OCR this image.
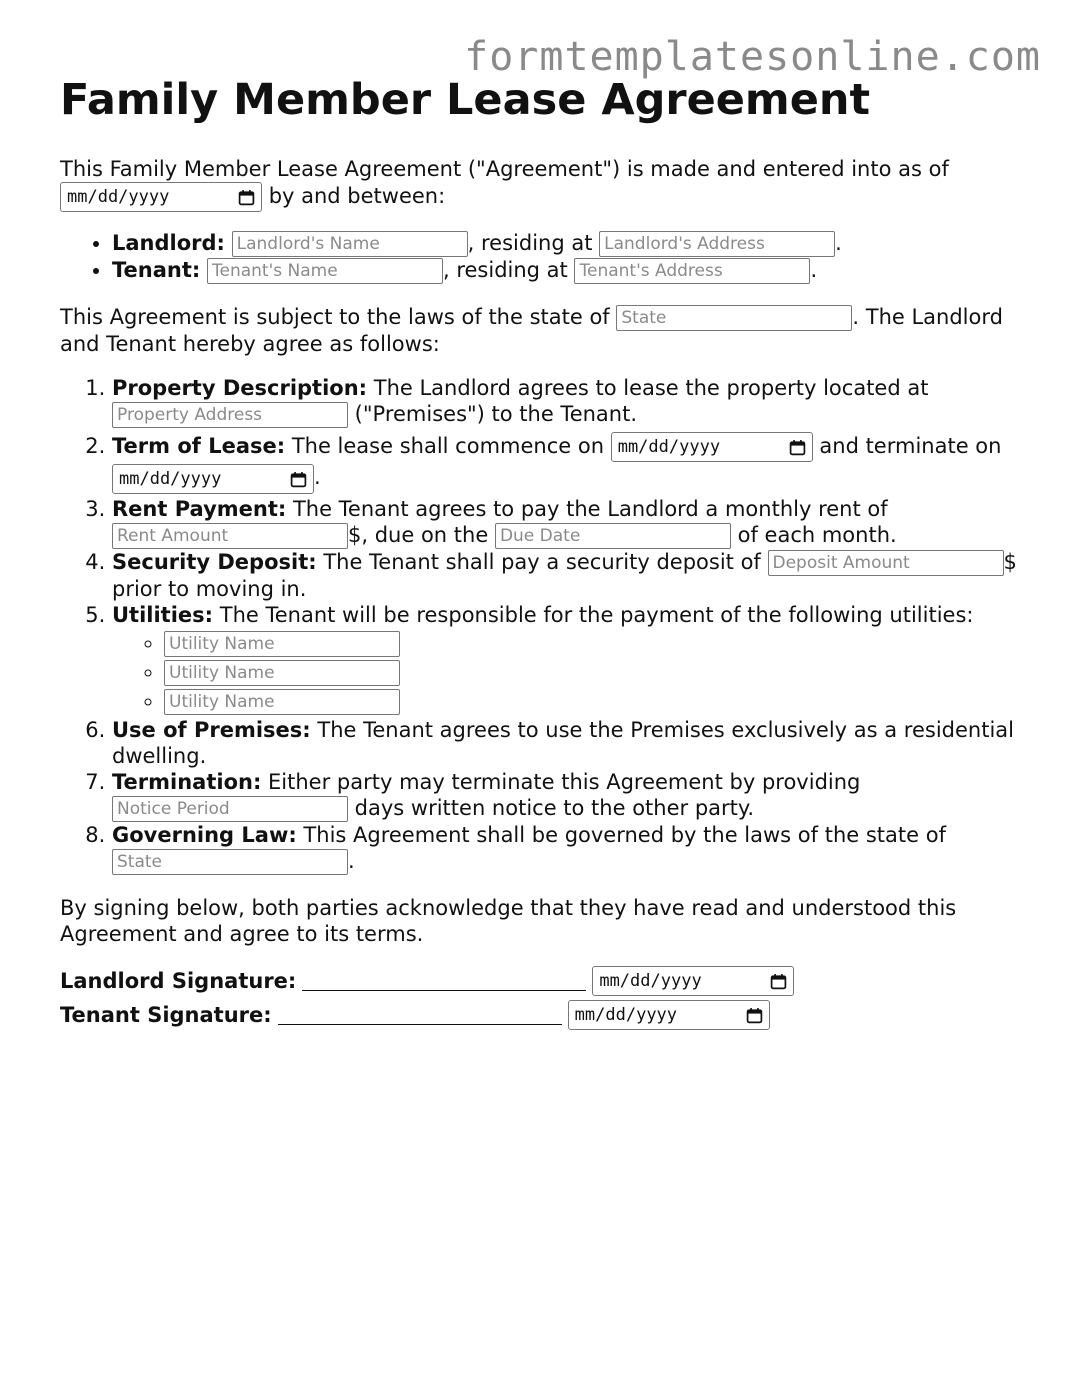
formtemplatesonline.com
Family Member Lease Agreement

This Family Member Lease Agreement ("Agreement") is made and entered into as of

mm/dd/yyyy	by and between:

• Landlord: Landlord's Name	, residing at Landlord's Address	.
• Tenant: Tenant's Name	, residing at Tenant's Address	.

This Agreement is subject to the laws of the state of State	. The Landlord and Tenant hereby agree as follows:

1. Property Description: The Landlord agrees to lease the property located at
Property Address ("Premises") to the Tenant.
2. Term of Lease: The lease shall commence on mm/dd/yyyy	and terminate on

mm/dd/yyyy	.
3. Rent Payment: The Tenant agrees to pay the Landlord a monthly rent of
Rent Amount$, due on the Due Date	of each month.
4. Security Deposit: The Tenant shall pay a security deposit of Deposit Amount	$ prior to moving in.
5. Utilities: The Tenant will be responsible for the payment of the following utilities:
◦ Utility Name
◦ Utility Name
◦ Utility Name
6. Use of Premises: The Tenant agrees to use the Premises exclusively as a residential dwelling.
7. Termination: Either party may terminate this Agreement by providing
Notice Period days written notice to the other party.
8. Governing Law: This Agreement shall be governed by the laws of the state of
State.

By signing below, both parties acknowledge that they have read and understood this Agreement and agree to its terms.

Landlord Signature:	mm/dd/yyyy
Tenant Signature:	mm/dd/yyyy
